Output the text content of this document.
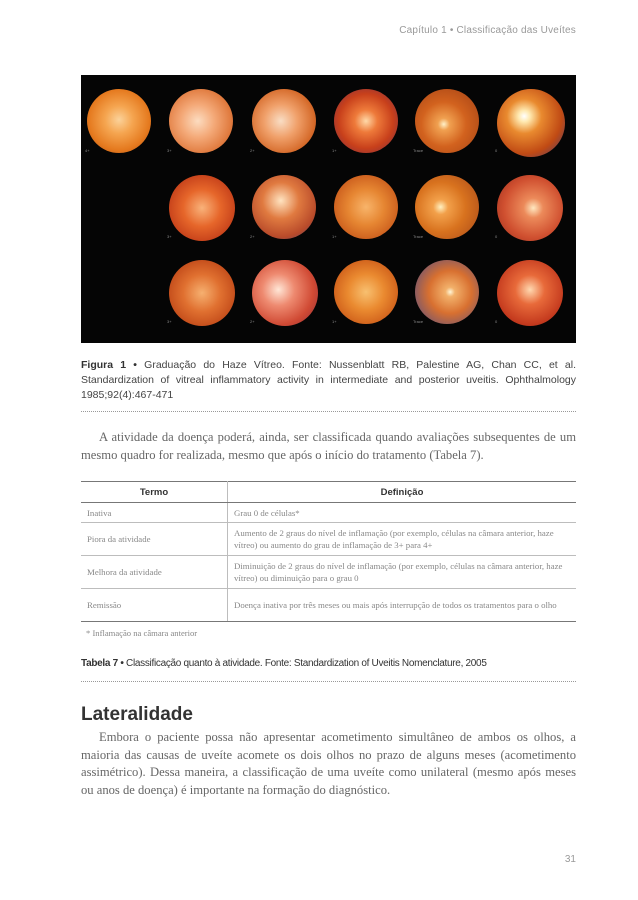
Capítulo 1 • Classificação das Uveítes
4+	3+	2+	1+	Trace	0
3+	2+	1+	Trace	0
3+	2+	1+	Trace	0
Figura 1 • Graduação do Haze Vítreo. Fonte: Nussenblatt RB, Palestine AG, Chan CC, et al. Standardization of vitreal inflammatory activity in intermediate and posterior uveitis. Ophthalmology 1985;92(4):467-471
A atividade da doença poderá, ainda, ser classificada quando avaliações subsequentes de um mesmo quadro for realizada, mesmo que após o início do tratamento (Tabela 7).
Termo	Definição
Inativa	Grau 0 de células*
Piora da atividade	Aumento de 2 graus do nível de inflamação (por exemplo, células na câmara anterior, haze vítreo) ou aumento do grau de inflamação de 3+ para 4+
Melhora da atividade	Diminuição de 2 graus do nível de inflamação (por exemplo, células na câmara anterior, haze vítreo) ou diminuição para o grau 0
Remissão	Doença inativa por três meses ou mais após interrupção de todos os tratamentos para o olho
* Inflamação na câmara anterior
Tabela 7 • Classificação quanto à atividade. Fonte: Standardization of Uveitis Nomenclature, 2005
Lateralidade
Embora o paciente possa não apresentar acometimento simultâneo de ambos os olhos, a maioria das causas de uveíte acomete os dois olhos no prazo de alguns meses (acometimento assimétrico). Dessa maneira, a classificação de uma uveíte como unilateral (mesmo após meses ou anos de doença) é importante na formação do diagnóstico.
31
